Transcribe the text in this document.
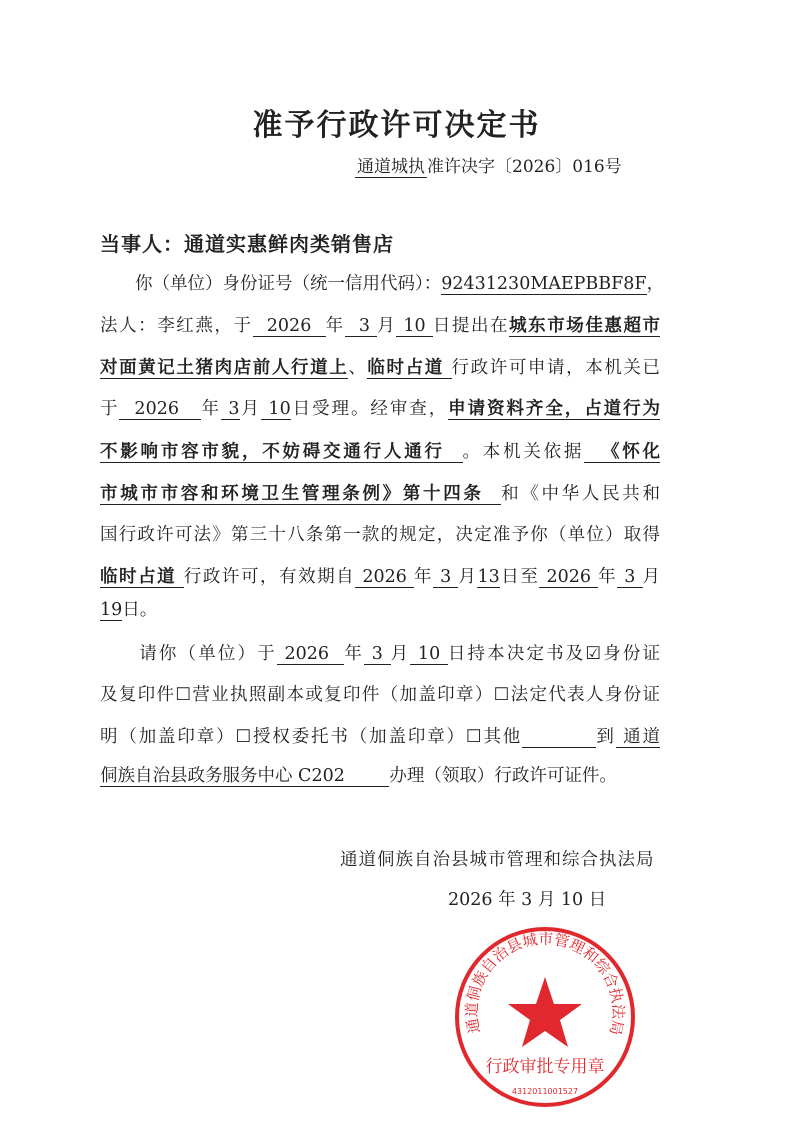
准予行政许可决定书
通道城执 准许决字〔2026〕016号
当事人：通道实惠鲜肉类销售店
　　你（单位）身份证号（统一信用代码）：92431230MAEPBBF8F，
法人：李红燕，于  2026  年  3 月 10 日提出在城东市场佳惠超市
对面黄记土猪肉店前人行道上、临时占道 行政许可申请，本机关已
于  2026   年 3月 10日受理。经审查，申请资料齐全，占道行为
不影响市容市貌，不妨碍交通行人通行  。本机关依据  《怀化
市城市市容和环境卫生管理条例》第十四条  和《中华人民共和
国行政许可法》第三十八条第一款的规定，决定准予你（单位）取得
临时占道 行政许可，有效期自 2026 年 3 月13日至 2026 年 3 月
19日。
　　请你（单位）于 2026  年 3 月 10 日持本决定书及☑身份证
及复印件☐营业执照副本或复印件（加盖印章）☐法定代表人身份证
明（加盖印章）☐授权委托书（加盖印章）☐其他	到 通道
侗族自治县政务服务中心 C202        办理（领取）行政许可证件。
通道侗族自治县城市管理和综合执法局
2026 年 3 月 10 日
通道侗族自治县城市管理和综合执法局
行政审批专用章
4312011001527
